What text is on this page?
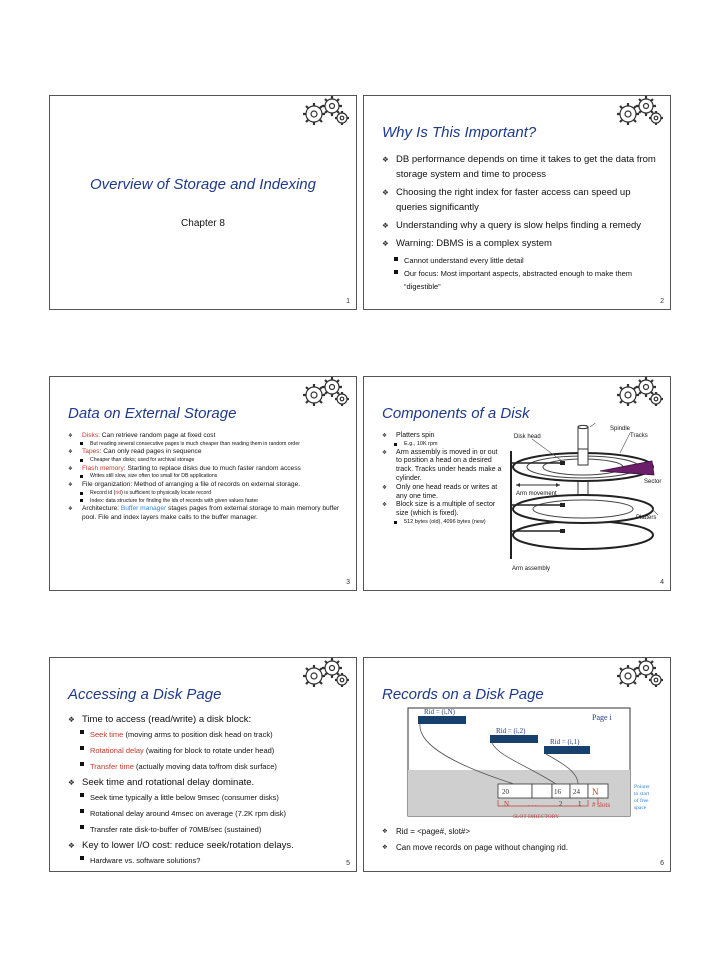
Overview of Storage and Indexing
Chapter 8
1
Why Is This Important?
❖ DB performance depends on time it takes to get the data from storage system and time to process
❖ Choosing the right index for faster access can speed up queries significantly
❖ Understanding why a query is slow helps finding a remedy
❖ Warning: DBMS is a complex system
Cannot understand every little detail
Our focus: Most important aspects, abstracted enough to make them “digestible”
2
Data on External Storage
❖ Disks: Can retrieve random page at fixed cost
But reading several consecutive pages is much cheaper than reading them in random order
❖ Tapes: Can only read pages in sequence
Cheaper than disks; used for archival storage
❖ Flash memory: Starting to replace disks due to much faster random access
Writes still slow, size often too small for DB applications
❖ File organization: Method of arranging a file of records on external storage.
Record id (rid) is sufficient to physically locate record
Index: data structure for finding the ids of records with given values faster
❖ Architecture: Buffer manager stages pages from external storage to main memory buffer pool. File and index layers make calls to the buffer manager.
3
Components of a Disk
❖ Platters spin
E.g., 10K rpm
❖ Arm assembly is moved in or out to position a head on a desired track. Tracks under heads make a cylinder.
❖ Only one head reads or writes at any one time.
❖ Block size is a multiple of sector size (which is fixed).
512 bytes (old), 4096 bytes (new)
Spindle
Tracks
Disk head
Sector
Platters
Arm movement
Arm assembly
4
Accessing a Disk Page
❖ Time to access (read/write) a disk block:
Seek time (moving arms to position disk head on track)
Rotational delay (waiting for block to rotate under head)
Transfer time (actually moving data to/from disk surface)
❖ Seek time and rotational delay dominate.
Seek time typically a little below 9msec (consumer disks)
Rotational delay around 4msec on average (7.2K rpm disk)
Transfer rate disk-to-buffer of 70MB/sec (sustained)
❖ Key to lower I/O cost: reduce seek/rotation delays.
Hardware vs. software solutions?	5
Records on a Disk Page
Rid = (i,N)
Rid = (i,2)
Rid = (i,1)
Page i
20	16 24 N
N	. . .	2 1 # slots
SLOT DIRECTORY
Pointer to start of free space
❖ Rid = <page#, slot#>
❖ Can move records on page without changing rid.
6
